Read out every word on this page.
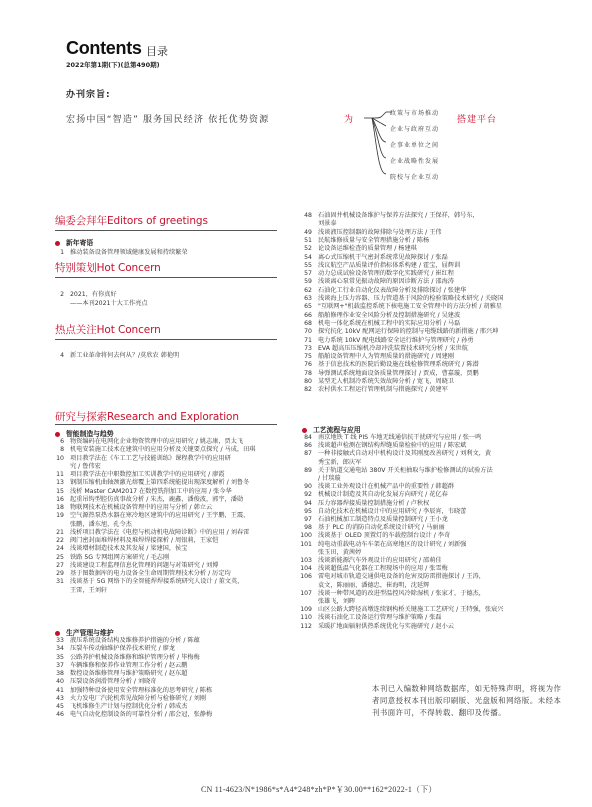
Contents 目录
2022年第1期(下)(总第490期)
办刊宗旨:
宏扬中国“智造” 服务国民经济 依托优势资源	为
政策与市场推动
企业与政府互动
企事业单位之间
企业战略性发展
院校与企业互动
搭建平台
编委会拜年Editors of greetings
新年寄语
1 推动装备设备管理领域健康发展和持续繁荣
特别策划Hot Concern
2 2021，有你真好
——本刊2021十大工作亮点
热点关注Hot Concern
4 新工业革命将何去何从？/莫欣农 韩艳明
研究与探索Research and Exploration
智能制造与趋势
6 物资编码在电网化企业物资管理中的应用研究 / 姚志康，贾太飞
8 机电安装施工技术在建筑中的应用分析及关键要点探究 / 马成，田琪
10 项目教学法在《车工工艺与技能训练》课程教学中的应用研
究 / 鲁伟宏
11 项目教学法在中职数控加工实训教学中的应用研究 / 廖霞
13 钢制压缩机曲轴颈激光熔覆上第四系统能提出现深度解析 / 刘鲁冬
15 浅析 Master CAM2017 在数控铣削加工中的应用 / 张今华
16 起重吊钩型腔仿真事故分析 / 朱杰，鹿鑫，潘俊波，郭宇，潘勋
18 物联网技术在机械设备管理中的应用与分析 / 韩立云
19 空气源热泵热水器在寒冷地区建筑中的应用研究 / 王宇鹏，王震，
张鹏，潘东旭，孔令杰
21 浅析项目教学法在《电控与机动机电故障诊断》中的应用 / 刘春雷
22 阀门密封面堆焊材料及堆焊焊接探析 / 周银莉，王家恺
24 浅谈增材制造技术及其发展 / 梁建国，侯宝
25 铁路 5G 专网组网方案研究 / 毛志刚
27 浅谈建设工程监理信息化管理的问题与对策研究 / 刘博
29 基于图数据库的电力设备全生命周期管理技术分析 / 厉定均
31 浅谈基于 5G 网络下的全智能焊焊接系统研究人设计 / 董文英，
王雷，王刘轩
生产管理与维护
33 液压系统设备结构及维修养护措施的分析 / 陈蕴
34 压裂车传动轴维护保养技术研究 / 廖龙
35 公路养护机械设备维修和维护管理分析 / 毕梅梅
37 车辆维修和保养作业管理工作分析 / 赵云鹏
38 数控设备维修管理与维护策略研究 / 赵东超
40 压裂设备润滑管理分析 / 刘晓奇
41 加强特种设备使用安全管理标准化的思考研究 / 陈栋
43 火力发电厂汽轮机常见故障分析与检修研究 / 刘刚
45 飞机维修生产计划与控制优化分析 / 韩成杰
46 电气自动化控制设备的可靠性分析 / 邵会冠，张静梅
48 石油固井机械设备维护与保养方法探究 / 王保祥，韩号东，
刘景泰
49 浅谈液压控制器的故障排除与处理方法 / 王伟
51 民航维修质量与安全管理措施分析 / 陈杨
52 论设备运维检查的质量管理 / 杨建琪
54 离心式压缩机干气密封系统常见故障探讨 / 张磊
55 浅议航空产品质量评价指标体系构建 / 霍宝，屈辉训
57 动力总成试验设备管理的数字化实践研究 / 崔红程
59 浅谈离心泵常见振动故障的原因诊断方法 / 邵海涛
62 石油化工行业自动化仪表故障分析及排除探讨 / 张建华
63 浅谈海上压力容器、压力管道基于风险的检验策略技术研究 / 关晓国
65 "互联网+"机载监控系统下核电施工安全管理中的方法分析 / 胡雅星
66 船舶修理作业安全风险分析及控制措施研究 / 吴建波
68 机电一体化系统在机械工程中的实际应用分析 / 马磊
70 探究抗化 10kV 配网运行保障的控制与电缆线路的新措施 / 邢兴坤
71 电力系统 10kV 配电线路安全运行维护与管理研究 / 孙勇
73 EVA 超高压压缩机冷却冲洗装置技术研究分析 / 宋世航
75 船舶设备管理中人为管理质量的措施研究 / 周建刚
76 基于信息技术的医院后勤设施在线检修管理系统研究 / 陈潜
78 导弹测试系统地面设备质量管理探讨 / 贾成，曹嘉璇，贾鹏
80 某型无人机制冷系统失效故障分析 / 宽飞，周晓卫
82 农村供水工程运行管理机制与措施探究 / 黄建军
工艺流程与应用
84 南京地铁 T 线 PIS 车地无线通信抗干扰研究与应用 / 张一鸣
86 浅谈超声检测在钢结构焊缝质量检验中的应用 / 陈宏斌
87 一种非接触式自动对中机构设计及其刚度改善研究 / 刘利文，黄
秀宝新，郎庆军
89 关于轨道交通电站 380V 开关柜抽取与维护检修测试的试验方法
/ 甘琰璇
90 浅谈工业外观设计在机械产品中的重要性 / 韩超群
92 机械设计制造及其自动化发展方向研究 / 花亿春
94 压力容器焊接质量控制措施分析 / 卢秋权
95 自动化技术在机械设计中的应用研究 / 李辰宵，韦晓蕾
97 石油机械加工制造特点及质量控制研究 / 王小龙
98 基于 PLC 的消防自动化系统设计研究 / 马丽丽
100 浅谈基于 OLED 顶置灯的车载控制台设计 / 李奇
101 纯电动重载电动车车架在高寒地区的设计研究 / 刘新强
张玉田，黄茜婷
103 浅谈新能源汽车外观设计的应用研究 / 邵萌佳
104 浅谈超低温气化器在工程现场中的应用 / 张雪梅
106 雷电对城市轨道交通供电设备的危害及防雷措施探讨 / 王涛，
袁文，陈丽丽，潘德忠，崔海明，沈延辉
107 浅谈一种带风道的改进型温控风冷除湿机 / 张家才，于德杰，
张雄飞，刘晖
109 山区公路大跨径高墩连续钢构桥关键施工工艺研究 / 王特强，张宸兴
110 浅谈石油化工设备运行管理与维护策略 / 张磊
112 采暖扩地面辐射供热系统优化与实施研究 / 赵小云
本刊已入编数种网络数据库，如无特殊声明，将视为作者同意授权本刊出版印刷版、光盘版和网络版。未经本刊书面许可，不得转载、翻印及传播。
CN 11-4623/N*1986*s*A4*248*zh*P*￥30.00**162*2022-1（下）
